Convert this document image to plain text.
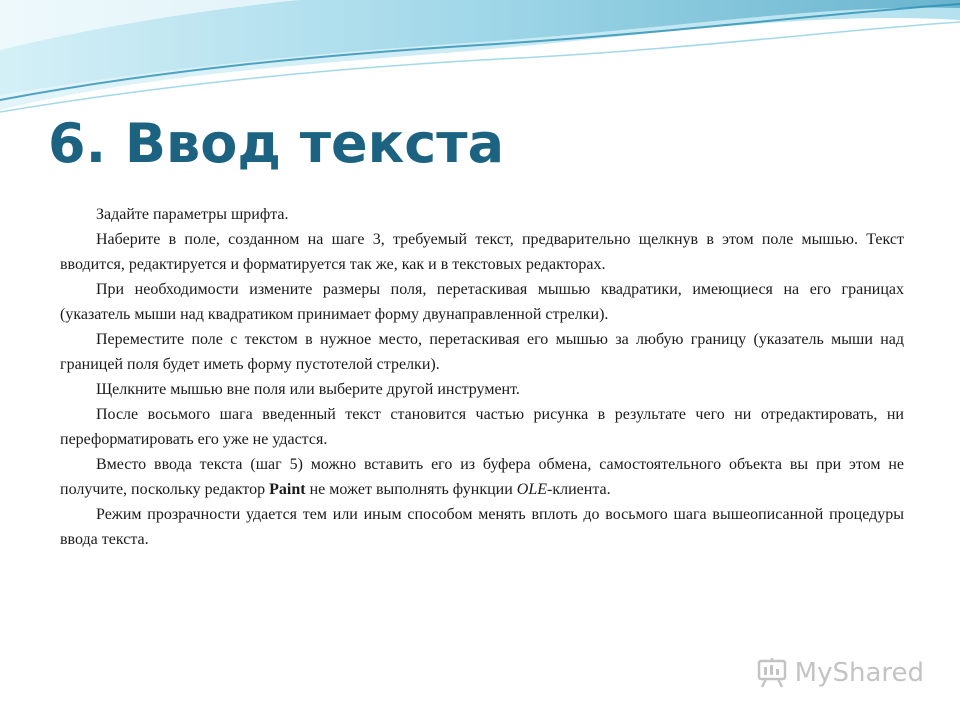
6. Ввод текста

Задайте параметры шрифта.

Наберите в поле, созданном на шаге 3, требуемый текст, предварительно щелкнув в этом поле мышью. Текст вводится, редактируется и форматируется так же, как и в текстовых редакторах.

При необходимости измените размеры поля, перетаскивая мышью квадратики, имеющиеся на его границах (указатель мыши над квадратиком принимает форму двунаправленной стрелки).

Переместите поле с текстом в нужное место, перетаскивая его мышью за любую границу (указатель мыши над границей поля будет иметь форму пустотелой стрелки).

Щелкните мышью вне поля или выберите другой инструмент.

После восьмого шага введенный текст становится частью рисунка в результате чего ни отредактировать, ни переформатировать его уже не удастся.

Вместо ввода текста (шаг 5) можно вставить его из буфера обмена, самостоятельного объекта вы при этом не получите, поскольку редактор Paint не может выполнять функции OLE-клиента.

Режим прозрачности удается тем или иным способом менять вплоть до восьмого шага вышеописанной процедуры ввода текста.

MyShared
